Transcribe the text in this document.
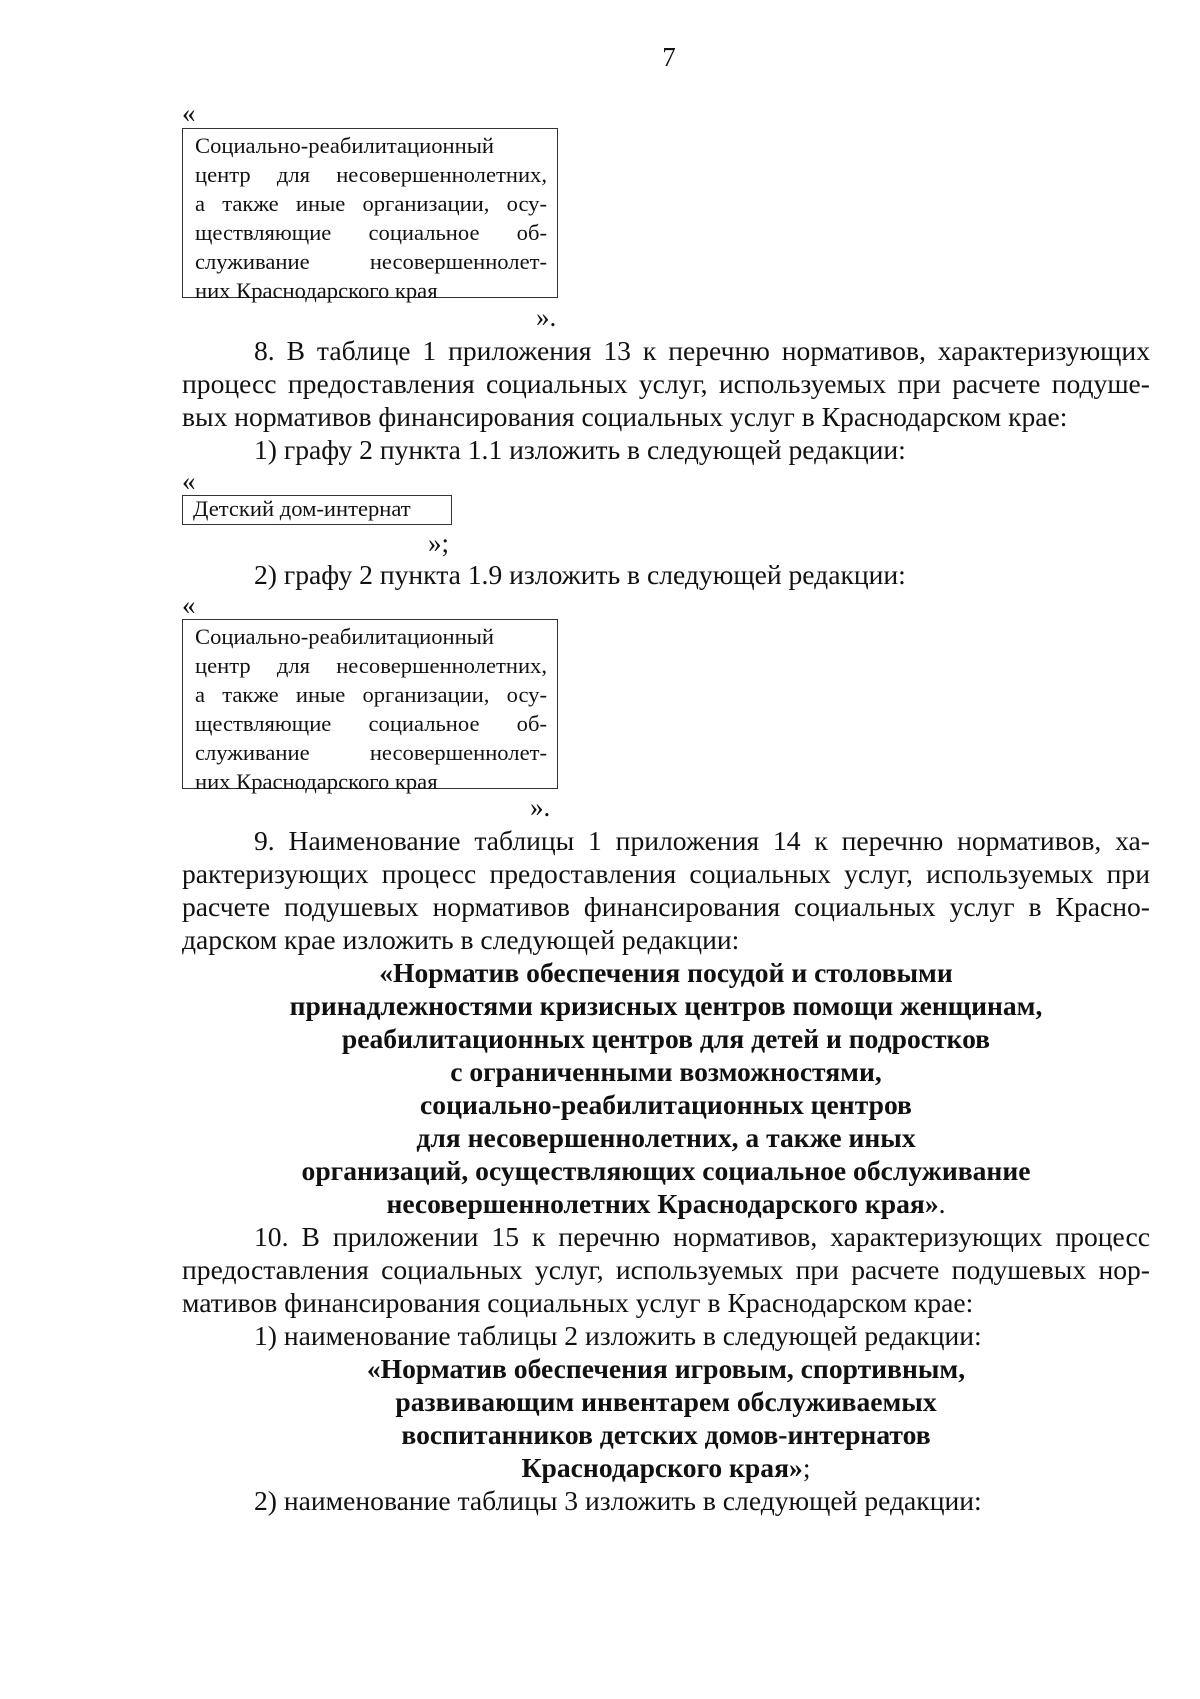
7
«
Социально-реабилитационный
центр для несовершеннолетних,
а также иные организации, осу-
ществляющие социальное об-
служивание несовершеннолет-
них Краснодарского края
».
8. В таблице 1 приложения 13 к перечню нормативов, характеризующих
процесс предоставления социальных услуг, используемых при расчете подуше-
вых нормативов финансирования социальных услуг в Краснодарском крае:
1) графу 2 пункта 1.1 изложить в следующей редакции:
«
Детский дом-интернат
»;
2) графу 2 пункта 1.9 изложить в следующей редакции:
«
Социально-реабилитационный
центр для несовершеннолетних,
а также иные организации, осу-
ществляющие социальное об-
служивание несовершеннолет-
них Краснодарского края
».
9. Наименование таблицы 1 приложения 14 к перечню нормативов, ха-
рактеризующих процесс предоставления социальных услуг, используемых при
расчете подушевых нормативов финансирования социальных услуг в Красно-
дарском крае изложить в следующей редакции:
«Норматив обеспечения посудой и столовыми
принадлежностями кризисных центров помощи женщинам,
реабилитационных центров для детей и подростков
с ограниченными возможностями,
социально-реабилитационных центров
для несовершеннолетних, а также иных
организаций, осуществляющих социальное обслуживание
несовершеннолетних Краснодарского края».
10. В приложении 15 к перечню нормативов, характеризующих процесс
предоставления социальных услуг, используемых при расчете подушевых нор-
мативов финансирования социальных услуг в Краснодарском крае:
1) наименование таблицы 2 изложить в следующей редакции:
«Норматив обеспечения игровым, спортивным,
развивающим инвентарем обслуживаемых
воспитанников детских домов-интернатов
Краснодарского края»;
2) наименование таблицы 3 изложить в следующей редакции:
